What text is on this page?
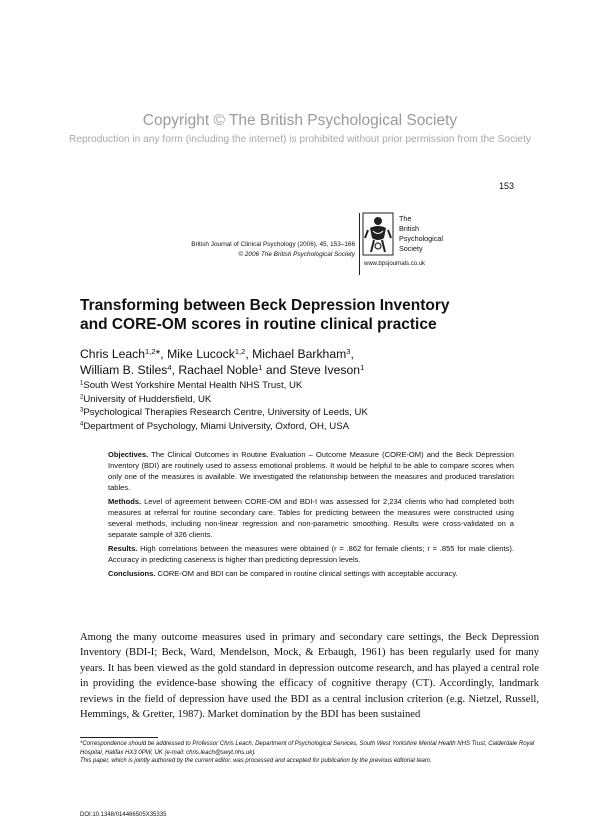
Copyright © The British Psychological Society
Reproduction in any form (including the internet) is prohibited without prior permission from the Society
153
British Journal of Clinical Psychology (2006), 45, 153–166
© 2006 The British Psychological Society
The
British
Psychological
Society
www.bpsjournals.co.uk
Transforming between Beck Depression Inventory
and CORE-OM scores in routine clinical practice
Chris Leach$^{1,2}$*, Mike Lucock$^{1,2}$, Michael Barkham$^3$,
William B. Stiles$^4$, Rachael Noble$^1$ and Steve Iveson$^1$
$^1$South West Yorkshire Mental Health NHS Trust, UK
$^2$University of Huddersfield, UK
$^3$Psychological Therapies Research Centre, University of Leeds, UK
$^4$Department of Psychology, Miami University, Oxford, OH, USA

Objectives. The Clinical Outcomes in Routine Evaluation – Outcome Measure (CORE-OM) and the Beck Depression Inventory (BDI) are routinely used to assess emotional problems. It would be helpful to be able to compare scores when only one of the measures is available. We investigated the relationship between the measures and produced translation tables.

Methods. Level of agreement between CORE-OM and BDI-I was assessed for 2,234 clients who had completed both measures at referral for routine secondary care. Tables for predicting between the measures were constructed using several methods, including non-linear regression and non-parametric smoothing. Results were cross-validated on a separate sample of 326 clients.

Results. High correlations between the measures were obtained (r = .862 for female clients; r = .855 for male clients). Accuracy in predicting caseness is higher than predicting depression levels.

Conclusions. CORE-OM and BDI can be compared in routine clinical settings with acceptable accuracy.

Among the many outcome measures used in primary and secondary care settings, the Beck Depression Inventory (BDI-I; Beck, Ward, Mendelson, Mock, & Erbaugh, 1961) has been regularly used for many years. It has been viewed as the gold standard in depression outcome research, and has played a central role in providing the evidence-base showing the efficacy of cognitive therapy (CT). Accordingly, landmark reviews in the field of depression have used the BDI as a central inclusion criterion (e.g. Nietzel, Russell, Hemmings, & Gretter, 1987). Market domination by the BDI has been sustained

*Correspondence should be addressed to Professor Chris Leach, Department of Psychological Services, South West Yorkshire Mental Health NHS Trust, Calderdale Royal Hospital, Halifax HX3 0PW, UK (e-mail: chris.leach@swyt.nhs.uk).

This paper, which is jointly authored by the current editor, was processed and accepted for publication by the previous editorial team.

DOI:10.1348/014466505X35335
